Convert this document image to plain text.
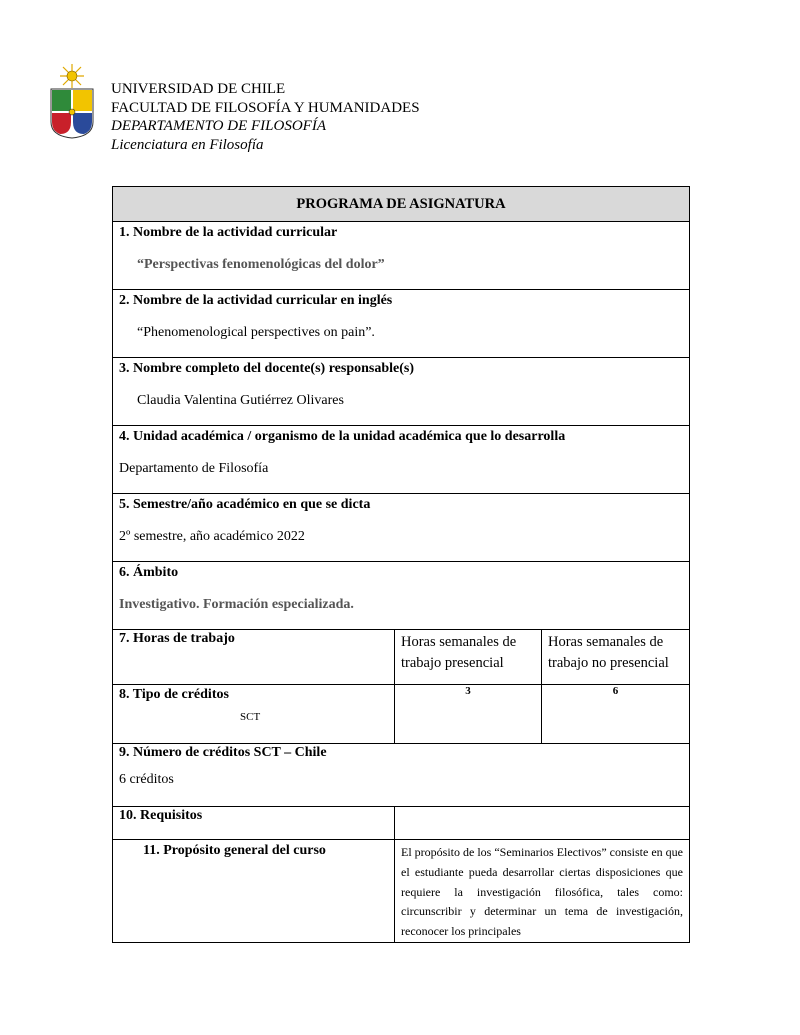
UNIVERSIDAD DE CHILE
FACULTAD DE FILOSOFÍA Y HUMANIDADES
DEPARTAMENTO DE FILOSOFÍA
Licenciatura en Filosofía
PROGRAMA DE ASIGNATURA		

1. Nombre de la actividad curricular
“Perspectivas fenomenológicas del dolor”		

2. Nombre de la actividad curricular en inglés
“Phenomenological perspectives on pain”.		

3. Nombre completo del docente(s) responsable(s)
Claudia Valentina Gutiérrez Olivares		

4. Unidad académica / organismo de la unidad académica que lo desarrolla
Departamento de Filosofía		

5. Semestre/año académico en que se dicta
2º semestre, año académico 2022		

6. Ámbito
Investigativo. Formación especializada.		

7. Horas de trabajo	Horas semanales de trabajo presencial	Horas semanales de trabajo no presencial

8. Tipo de créditos
SCT	3	6

9. Número de créditos SCT – Chile
6 créditos		

10. Requisitos		
11. Propósito general del curso	El propósito de los “Seminarios Electivos” consiste en que el estudiante pueda desarrollar ciertas disposiciones que requiere la investigación filosófica, tales como: circunscribir y determinar un tema de investigación, reconocer los principales	
